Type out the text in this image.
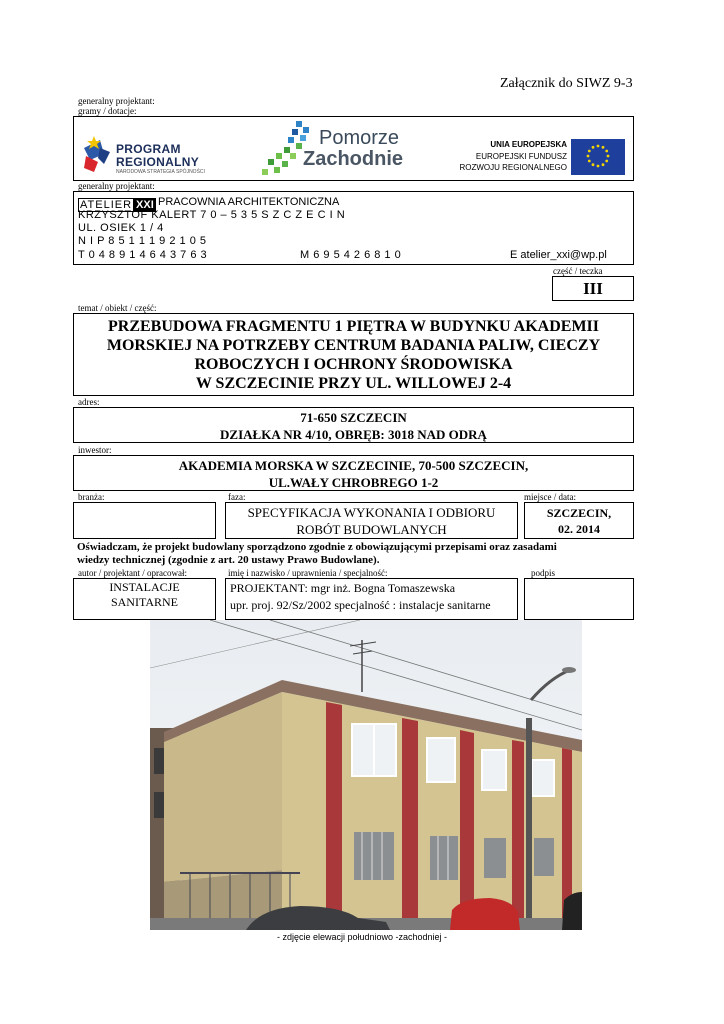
Załącznik do SIWZ 9-3
generalny projektant:
gramy / dotacje:
PROGRAM
REGIONALNY
NARODOWA STRATEGIA SPÓJNOŚCI
Pomorze
Zachodnie
UNIA EUROPEJSKA
EUROPEJSKI FUNDUSZ
ROZWOJU REGIONALNEGO
generalny projektant:
ATELIER XXI PRACOWNIA ARCHITEKTONICZNA
KRZYSZTOF KALERT 7 0 – 5 3 5 S Z C Z E C I N
UL. OSIEK 1 / 4
N I P 8 5 1 1 1 9 2 1 0 5
T 0 4 8 9 1 4 6 4 3 7 6 3	M 6 9 5 4 2 6 8 1 0	E atelier_xxi@wp.pl
część / teczka
III
temat / obiekt / część:
PRZEBUDOWA FRAGMENTU 1 PIĘTRA W BUDYNKU AKADEMII
MORSKIEJ NA POTRZEBY CENTRUM BADANIA PALIW, CIECZY
ROBOCZYCH I OCHRONY ŚRODOWISKA
W SZCZECINIE PRZY UL. WILLOWEJ 2-4
adres:
71-650 SZCZECIN
DZIAŁKA NR 4/10, OBRĘB: 3018 NAD ODRĄ
inwestor:
AKADEMIA MORSKA W SZCZECINIE, 70-500 SZCZECIN,
UL.WAŁY CHROBREGO 1-2
branża:	faza:	miejsce / data:
SPECYFIKACJA WYKONANIA I ODBIORU
ROBÓT BUDOWLANYCH
SZCZECIN,
02. 2014
Oświadczam, że projekt budowlany sporządzono zgodnie z obowiązującymi przepisami oraz zasadami
wiedzy technicznej (zgodnie z art. 20 ustawy Prawo Budowlane).
autor / projektant / opracował:	imię i nazwisko / uprawnienia / specjalność:	podpis
INSTALACJE
SANITARNE
PROJEKTANT: mgr inż. Bogna Tomaszewska
upr. proj. 92/Sz/2002 specjalność : instalacje sanitarne
- zdjęcie elewacji południowo -zachodniej -
